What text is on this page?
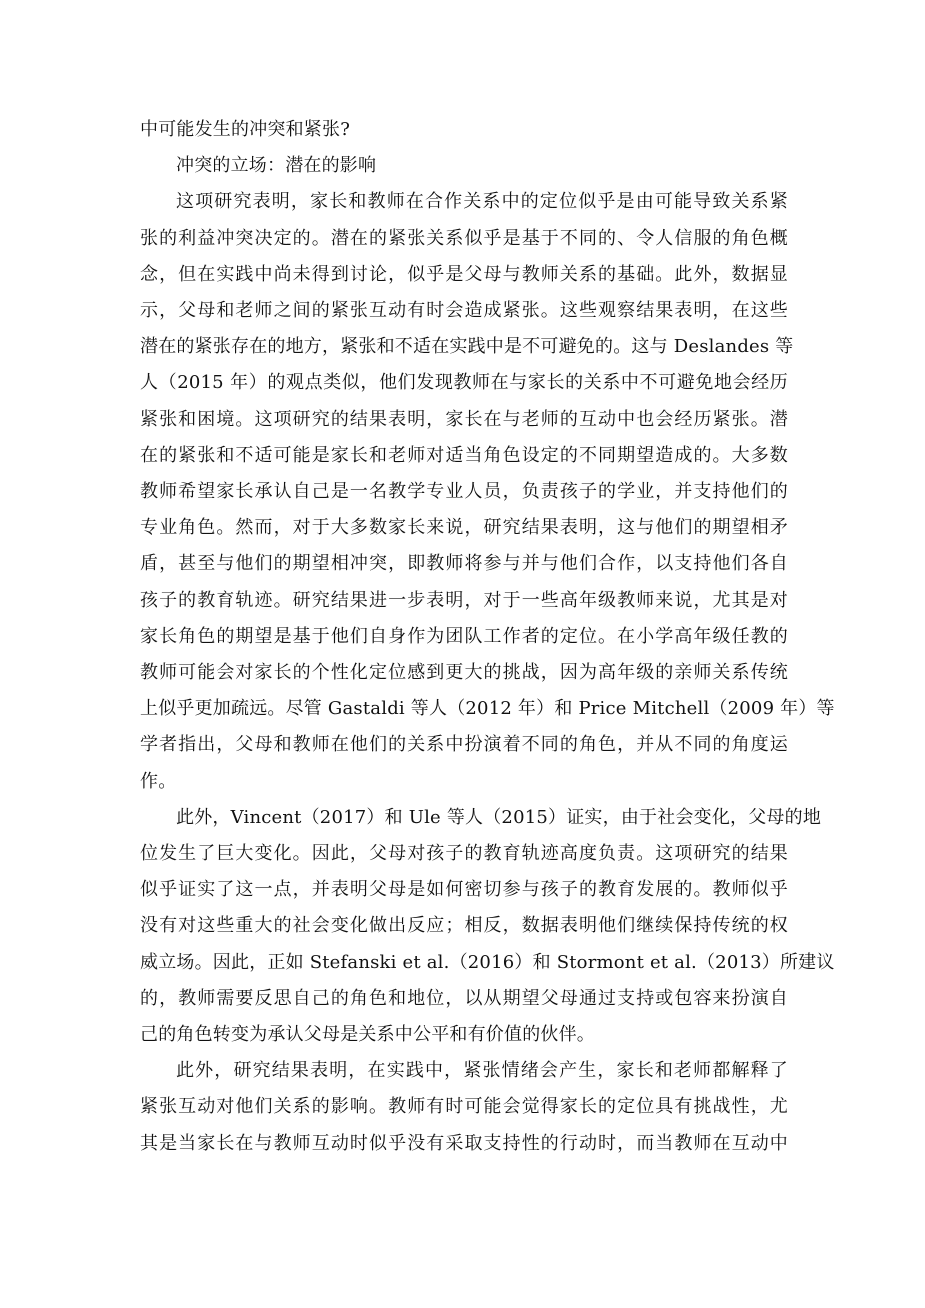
中可能发生的冲突和紧张?
冲突的立场：潜在的影响
这项研究表明，家长和教师在合作关系中的定位似乎是由可能导致关系紧
张的利益冲突决定的。潜在的紧张关系似乎是基于不同的、令人信服的角色概
念，但在实践中尚未得到讨论，似乎是父母与教师关系的基础。此外，数据显
示，父母和老师之间的紧张互动有时会造成紧张。这些观察结果表明，在这些
潜在的紧张存在的地方，紧张和不适在实践中是不可避免的。这与 Deslandes 等
人（2015 年）的观点类似，他们发现教师在与家长的关系中不可避免地会经历
紧张和困境。这项研究的结果表明，家长在与老师的互动中也会经历紧张。潜
在的紧张和不适可能是家长和老师对适当角色设定的不同期望造成的。大多数
教师希望家长承认自己是一名教学专业人员，负责孩子的学业，并支持他们的
专业角色。然而，对于大多数家长来说，研究结果表明，这与他们的期望相矛
盾，甚至与他们的期望相冲突，即教师将参与并与他们合作，以支持他们各自
孩子的教育轨迹。研究结果进一步表明，对于一些高年级教师来说，尤其是对
家长角色的期望是基于他们自身作为团队工作者的定位。在小学高年级任教的
教师可能会对家长的个性化定位感到更大的挑战，因为高年级的亲师关系传统
上似乎更加疏远。尽管 Gastaldi 等人（2012 年）和 Price Mitchell（2009 年）等
学者指出，父母和教师在他们的关系中扮演着不同的角色，并从不同的角度运
作。
此外，Vincent（2017）和 Ule 等人（2015）证实，由于社会变化，父母的地
位发生了巨大变化。因此，父母对孩子的教育轨迹高度负责。这项研究的结果
似乎证实了这一点，并表明父母是如何密切参与孩子的教育发展的。教师似乎
没有对这些重大的社会变化做出反应；相反，数据表明他们继续保持传统的权
威立场。因此，正如 Stefanski et al.（2016）和 Stormont et al.（2013）所建议
的，教师需要反思自己的角色和地位，以从期望父母通过支持或包容来扮演自
己的角色转变为承认父母是关系中公平和有价值的伙伴。
此外，研究结果表明，在实践中，紧张情绪会产生，家长和老师都解释了
紧张互动对他们关系的影响。教师有时可能会觉得家长的定位具有挑战性，尤
其是当家长在与教师互动时似乎没有采取支持性的行动时，而当教师在互动中
